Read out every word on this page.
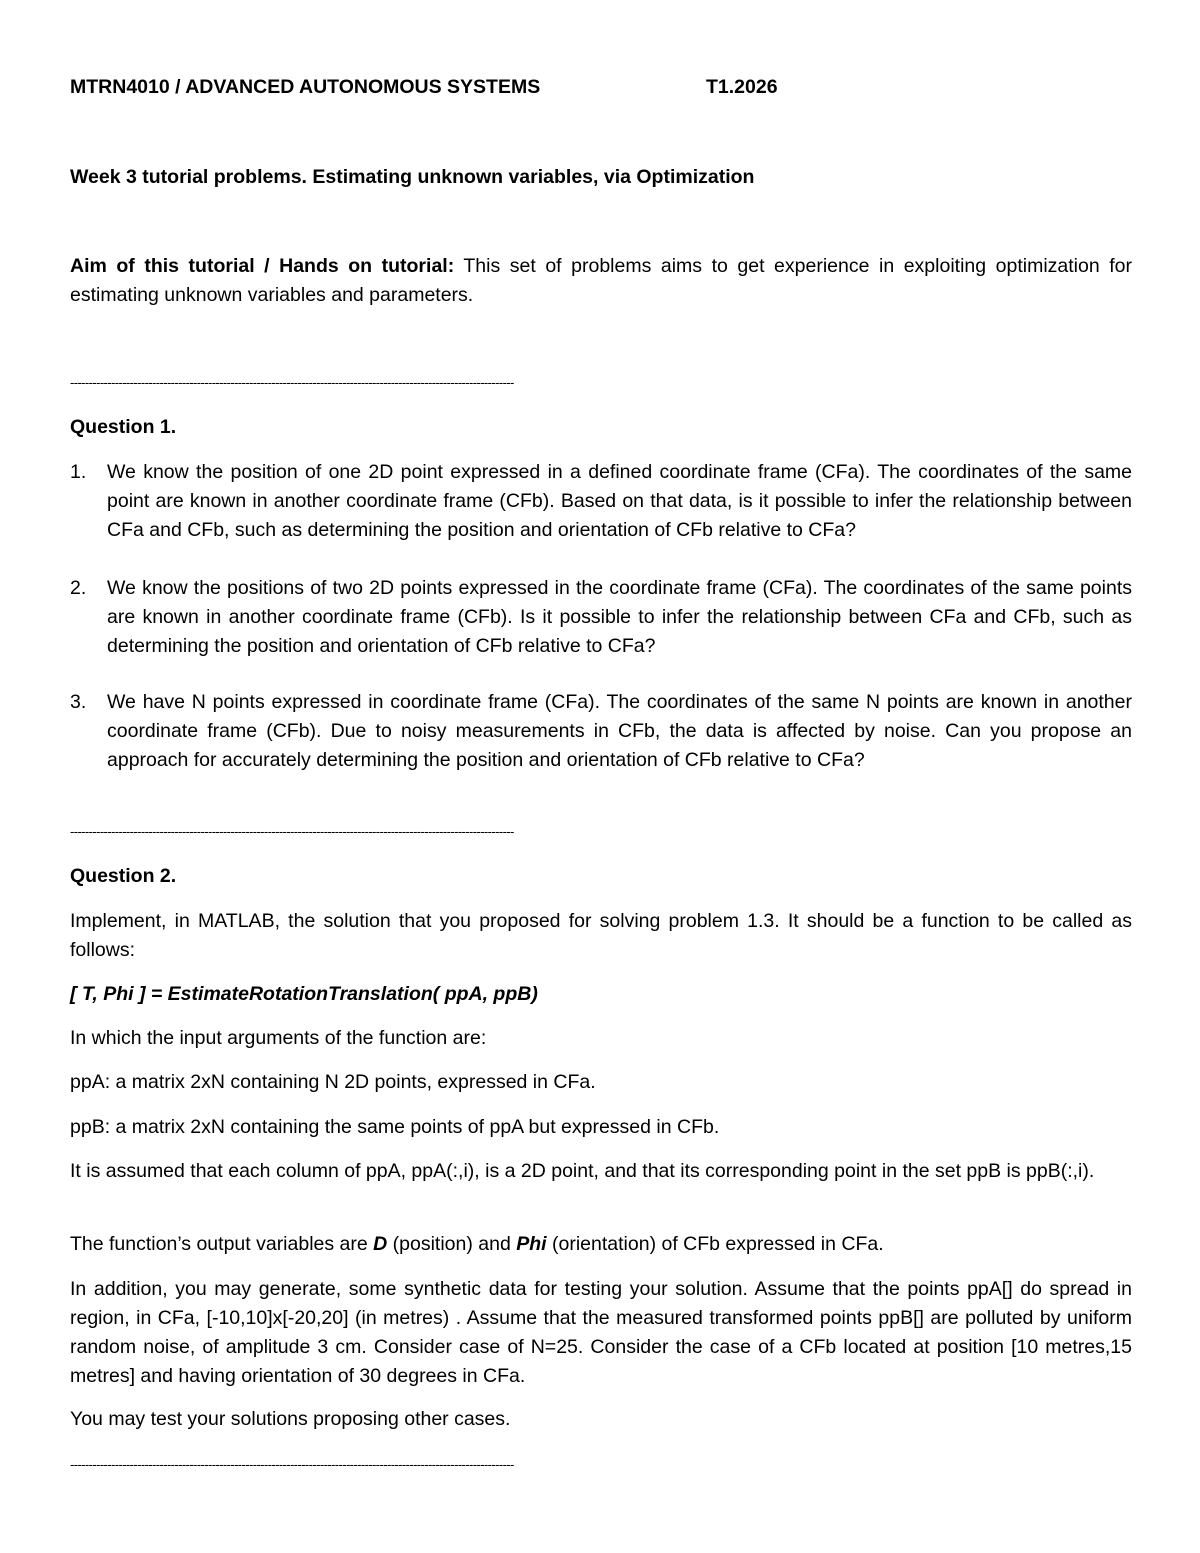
MTRN4010 / ADVANCED AUTONOMOUS SYSTEMS	T1.2026
Week 3 tutorial problems. Estimating unknown variables, via Optimization

Aim of this tutorial / Hands on tutorial: This set of problems aims to get experience in exploiting optimization for estimating unknown variables and parameters.

-----------------------------------------------------------------------------------------------------------------------
Question 1.
1.	We know the position of one 2D point expressed in a defined coordinate frame (CFa). The coordinates of the same point are known in another coordinate frame (CFb). Based on that data, is it possible to infer the relationship between CFa and CFb, such as determining the position and orientation of CFb relative to CFa?
2.	We know the positions of two 2D points expressed in the coordinate frame (CFa). The coordinates of the same points are known in another coordinate frame (CFb). Is it possible to infer the relationship between CFa and CFb, such as determining the position and orientation of CFb relative to CFa?
3.	We have N points expressed in coordinate frame (CFa). The coordinates of the same N points are known in another coordinate frame (CFb). Due to noisy measurements in CFb, the data is affected by noise. Can you propose an approach for accurately determining the position and orientation of CFb relative to CFa?
-----------------------------------------------------------------------------------------------------------------------
Question 2.

Implement, in MATLAB, the solution that you proposed for solving problem 1.3. It should be a function to be called as follows:

[ T, Phi ] = EstimateRotationTranslation( ppA, ppB)
In which the input arguments of the function are:
ppA: a matrix 2xN containing N 2D points, expressed in CFa.
ppB: a matrix 2xN containing the same points of ppA but expressed in CFb.

It is assumed that each column of ppA, ppA(:,i), is a 2D point, and that its corresponding point in the set ppB is ppB(:,i).

The function’s output variables are D (position) and Phi (orientation) of CFb expressed in CFa.

In addition, you may generate, some synthetic data for testing your solution. Assume that the points ppA[] do spread in region, in CFa, [-10,10]x[-20,20] (in metres) . Assume that the measured transformed points ppB[] are polluted by uniform random noise, of amplitude 3 cm. Consider case of N=25. Consider the case of a CFb located at position [10 metres,15 metres] and having orientation of 30 degrees in CFa.

You may test your solutions proposing other cases.
-----------------------------------------------------------------------------------------------------------------------
